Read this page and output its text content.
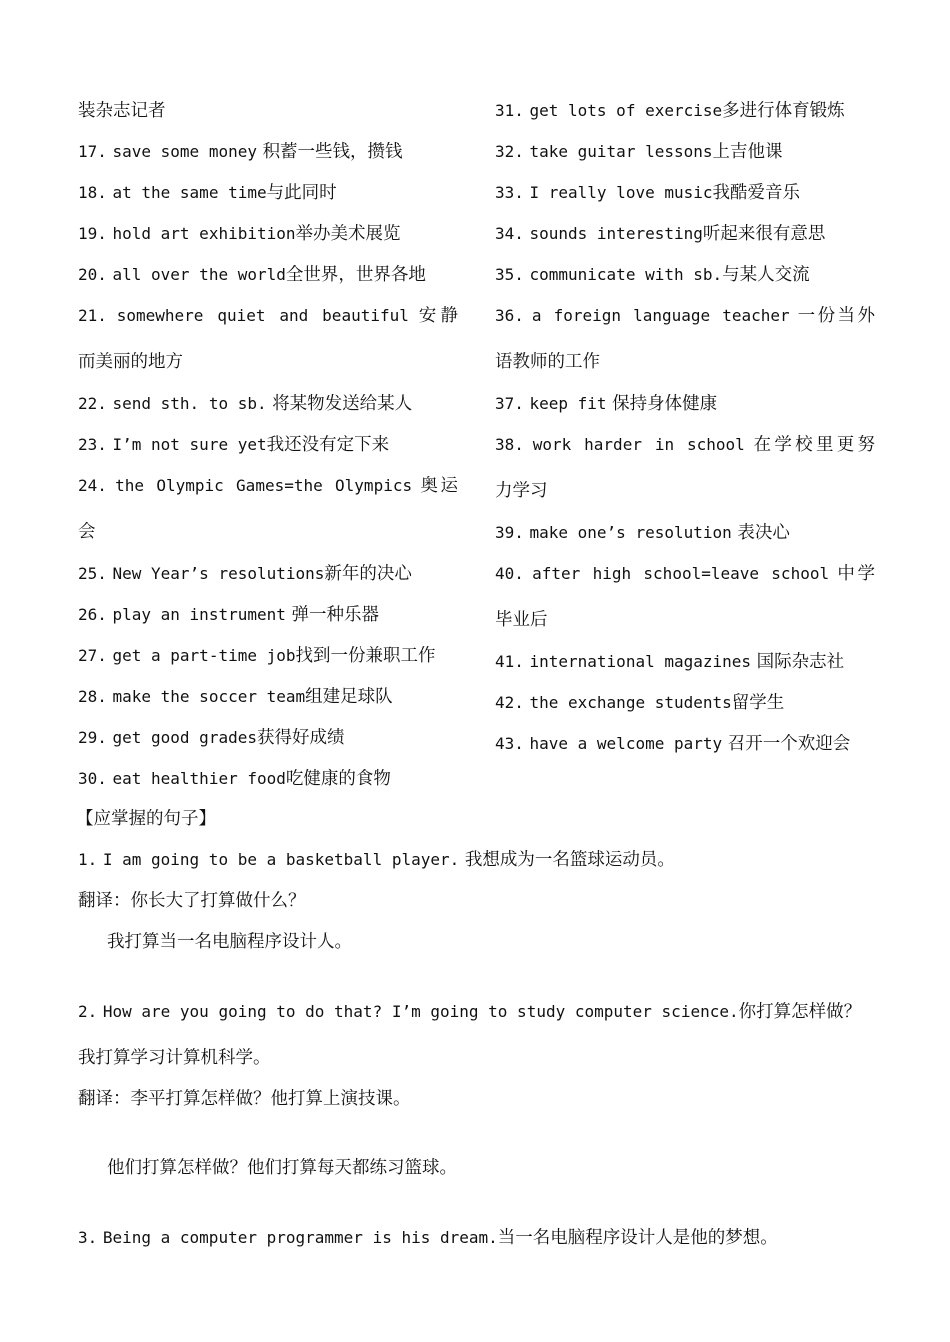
装杂志记者
17. save some money 积蓄一些钱，攒钱
18. at the same time与此同时
19. hold art exhibition举办美术展览
20. all over the world全世界，世界各地
21. somewhere quiet and beautiful 安静
而美丽的地方
22. send sth. to sb. 将某物发送给某人
23. I’m not sure yet我还没有定下来
24. the Olympic Games=the Olympics 奥运
会
25. New Year’s resolutions新年的决心
26. play an instrument 弹一种乐器
27. get a part-time job找到一份兼职工作
28. make the soccer team组建足球队
29. get good grades获得好成绩
30. eat healthier food吃健康的食物
31. get lots of exercise多进行体育锻炼
32. take guitar lessons上吉他课
33. I really love music我酷爱音乐
34. sounds interesting听起来很有意思
35. communicate with sb.与某人交流
36. a foreign language teacher 一份当外
语教师的工作
37. keep fit 保持身体健康
38. work harder in school 在学校里更努
力学习
39. make one’s resolution 表决心
40. after high school=leave school 中学
毕业后
41. international magazines 国际杂志社
42. the exchange students留学生
43. have a welcome party 召开一个欢迎会
【应掌握的句子】
1. I am going to be a basketball player. 我想成为一名篮球运动员。
翻译：你长大了打算做什么？
我打算当一名电脑程序设计人。
2. How are you going to do that? I’m going to study computer science.你打算怎样做？
我打算学习计算机科学。
翻译：李平打算怎样做？他打算上演技课。
他们打算怎样做？他们打算每天都练习篮球。
3. Being a computer programmer is his dream.当一名电脑程序设计人是他的梦想。
